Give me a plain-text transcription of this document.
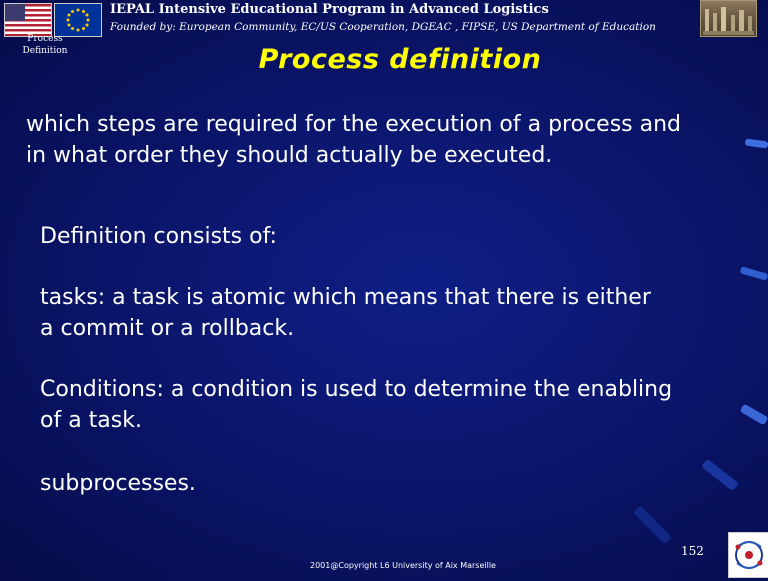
IEPAL Intensive Educational Program in Advanced Logistics
Founded by: European Community, EC/US Cooperation, DGEAC , FIPSE, US Department of Education
Process
Definition	Process definition
which steps are required for the execution of a process and
in what order they should actually be executed.
Definition consists of:
tasks: a task is atomic which means that there is either
a commit or a rollback.
Conditions: a condition is used to determine the enabling
of a task.
subprocesses.
152
2001@Copyright L6 University of Aix Marseille
